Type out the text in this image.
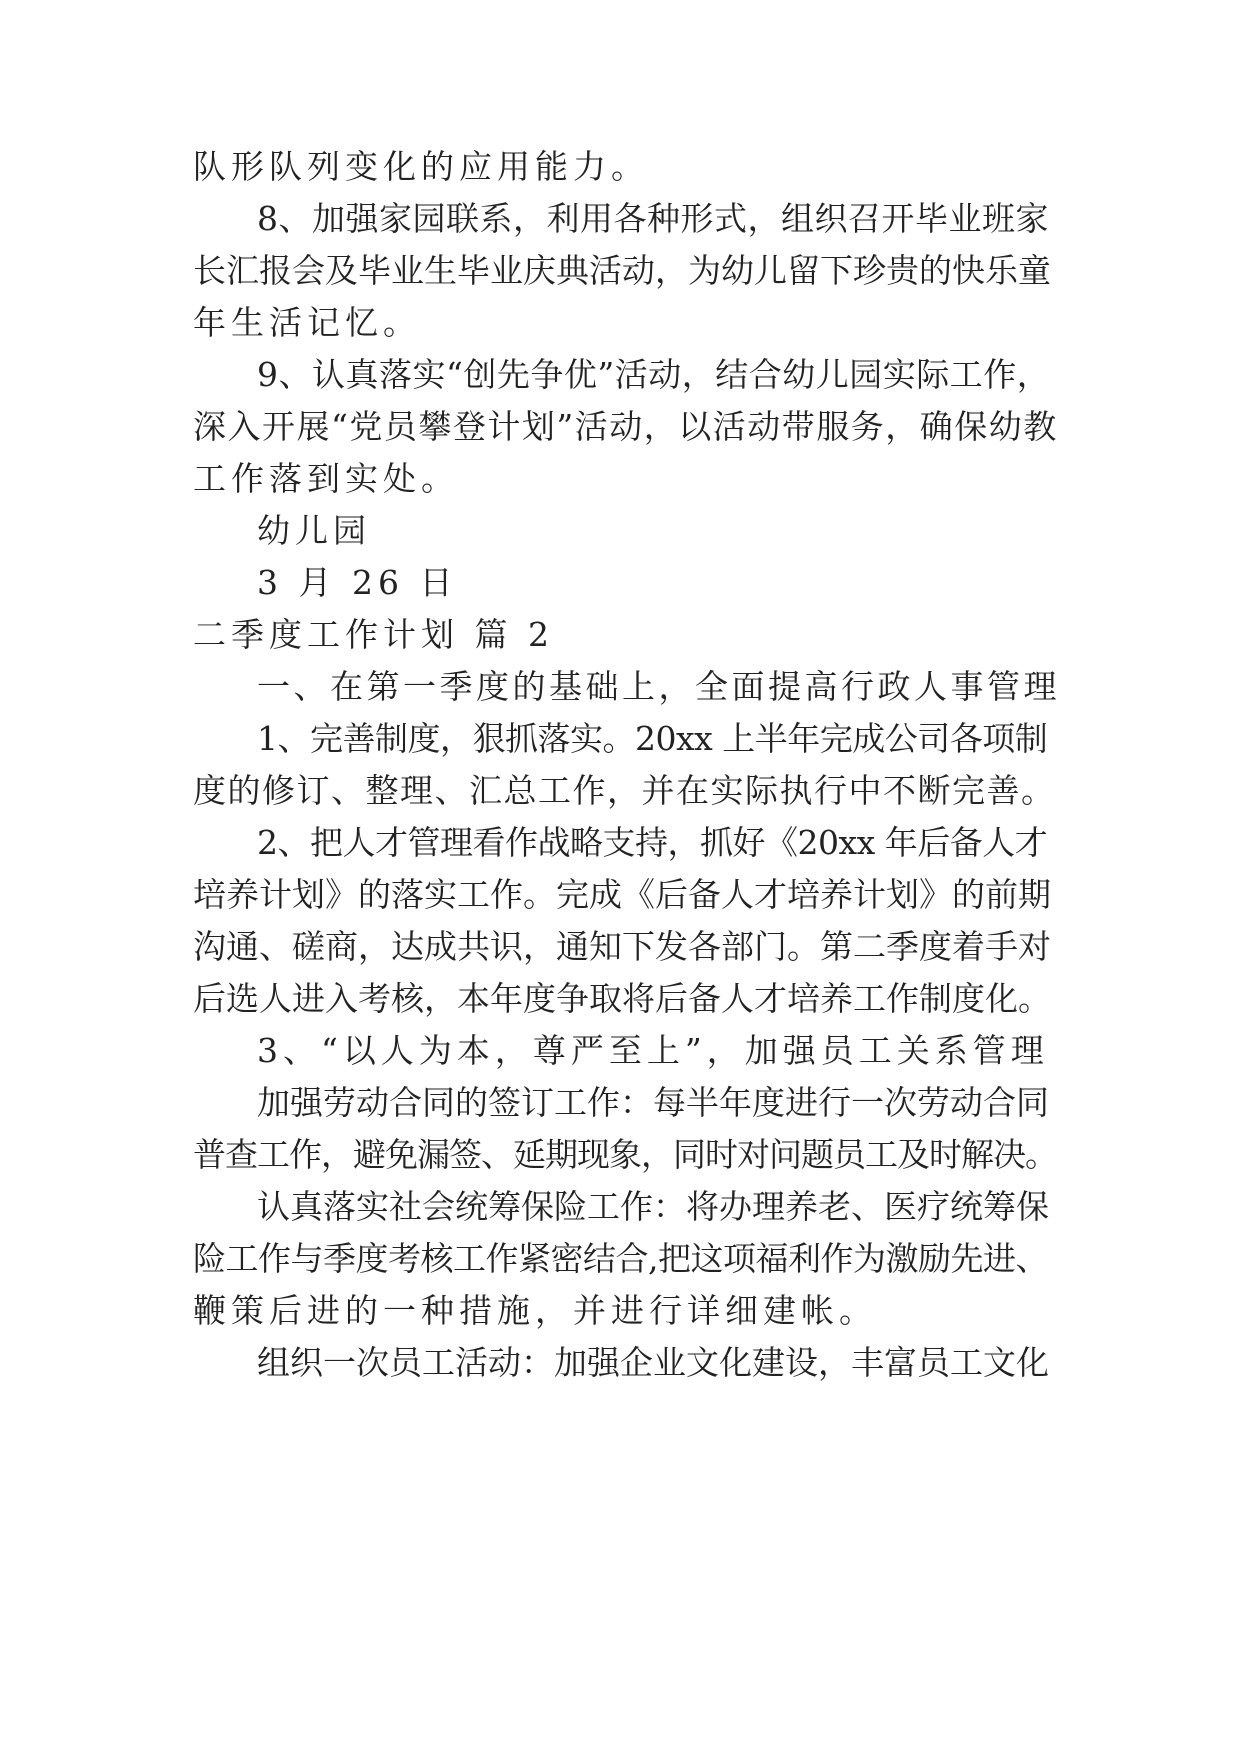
队形队列变化的应用能力。
8、加强家园联系，利用各种形式，组织召开毕业班家
长汇报会及毕业生毕业庆典活动，为幼儿留下珍贵的快乐童
年生活记忆。
9、认真落实“创先争优”活动，结合幼儿园实际工作，
深入开展“党员攀登计划”活动，以活动带服务，确保幼教
工作落到实处。
幼儿园
3 月 26 日
二季度工作计划 篇 2
一、在第一季度的基础上，全面提高行政人事管理
1、完善制度，狠抓落实。20xx 上半年完成公司各项制
度的修订、整理、汇总工作，并在实际执行中不断完善。
2、把人才管理看作战略支持，抓好《20xx 年后备人才
培养计划》的落实工作。完成《后备人才培养计划》的前期
沟通、磋商，达成共识，通知下发各部门。第二季度着手对
后选人进入考核，本年度争取将后备人才培养工作制度化。
3、“以人为本，尊严至上”，加强员工关系管理
加强劳动合同的签订工作：每半年度进行一次劳动合同
普查工作，避免漏签、延期现象，同时对问题员工及时解决。
认真落实社会统筹保险工作：将办理养老、医疗统筹保
险工作与季度考核工作紧密结合,把这项福利作为激励先进、
鞭策后进的一种措施，并进行详细建帐。
组织一次员工活动：加强企业文化建设，丰富员工文化
